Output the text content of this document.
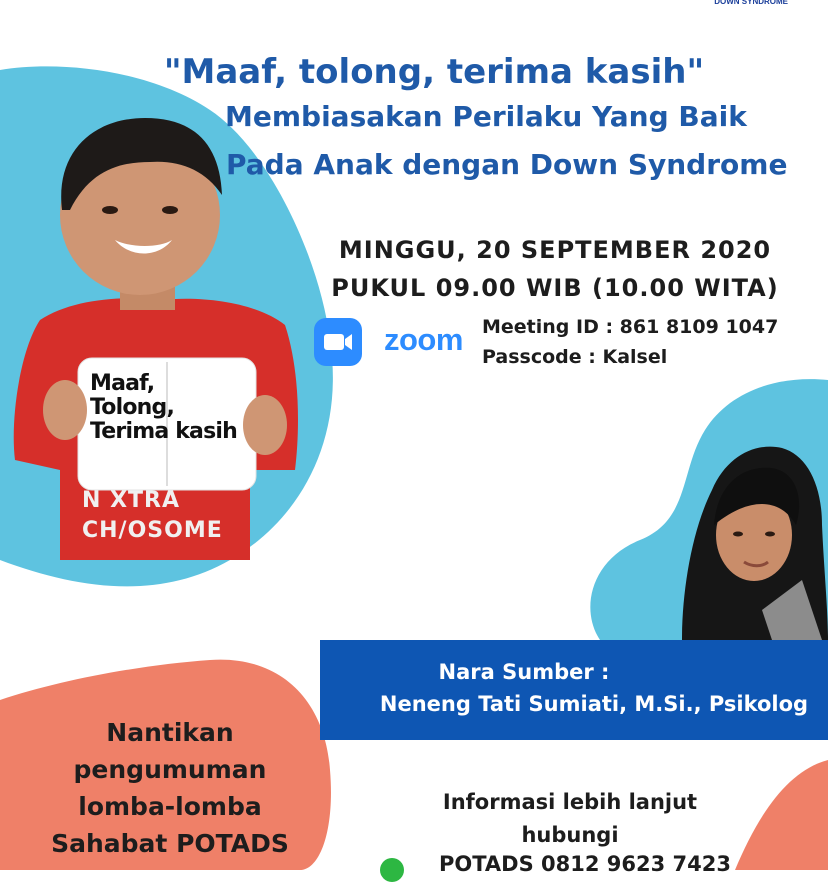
DOWN SYNDROME
"Maaf, tolong, terima kasih"
Membiasakan Perilaku Yang Baik
Pada Anak dengan Down Syndrome
MINGGU, 20 SEPTEMBER 2020
PUKUL 09.00 WIB (10.00 WITA)
zoom Meeting ID : 861 8109 1047
Passcode : Kalsel
Maaf,
Tolong,
Terima kasih
N XTRA
CH/OSOME
Nara Sumber :
Neneng Tati Sumiati, M.Si., Psikolog
Nantikan
pengumuman
lomba-lomba
Sahabat POTADS
Informasi lebih lanjut
hubungi
POTADS 0812 9623 7423
